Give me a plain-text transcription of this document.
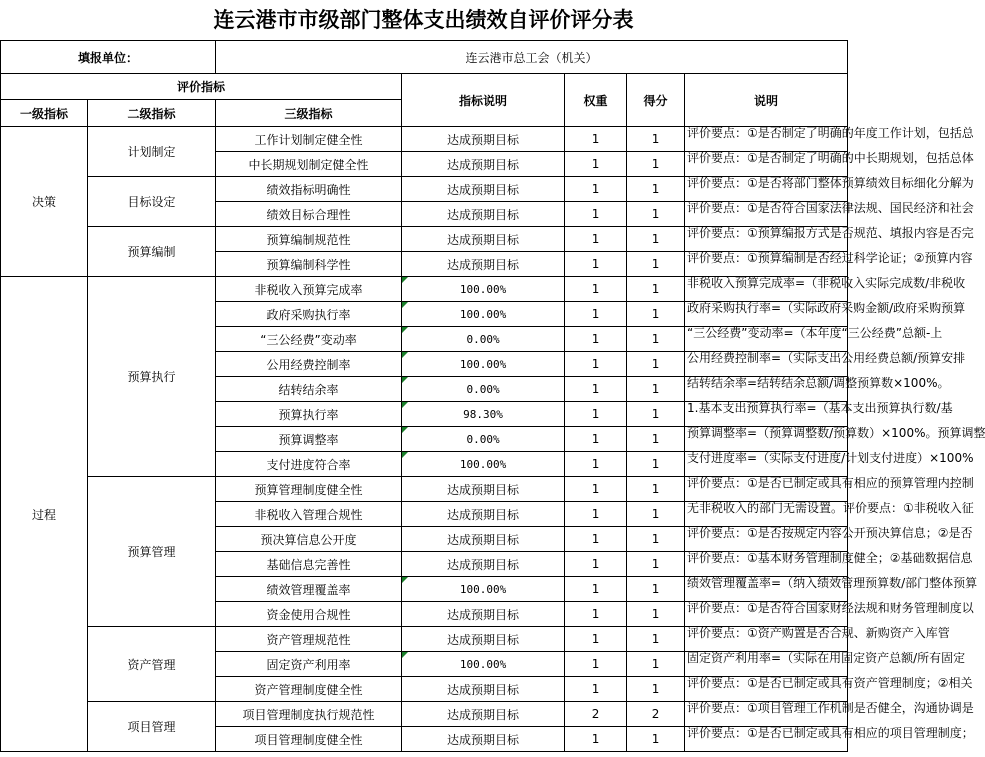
连云港市市级部门整体支出绩效自评价评分表
填报单位：		连云港市总工会（机关）				
评价指标			指标说明	权重	得分	说明
一级指标	二级指标	三级指标				
决策	计划制定	工作计划制定健全性	达成预期目标	1	1	评价要点：①是否制定了明确的年度工作计划，包括总

		中长期规划制定健全性	达成预期目标	1	1	评价要点：①是否制定了明确的中长期规划，包括总体

	目标设定	绩效指标明确性	达成预期目标	1	1	评价要点：①是否将部门整体预算绩效目标细化分解为

		绩效目标合理性	达成预期目标	1	1	评价要点：①是否符合国家法律法规、国民经济和社会

	预算编制	预算编制规范性	达成预期目标	1	1	评价要点：①预算编报方式是否规范、填报内容是否完

		预算编制科学性	达成预期目标	1	1	评价要点：①预算编制是否经过科学论证；②预算内容

过程	预算执行	非税收入预算完成率	100.00%	1	1	非税收入预算完成率=（非税收入实际完成数/非税收

		政府采购执行率	100.00%	1	1	政府采购执行率=（实际政府采购金额/政府采购预算

		“三公经费”变动率	0.00%	1	1	“三公经费”变动率=（本年度“三公经费”总额-上

		公用经费控制率	100.00%	1	1	公用经费控制率=（实际支出公用经费总额/预算安排

		结转结余率	0.00%	1	1	结转结余率=结转结余总额/调整预算数×100%。

		预算执行率	98.30%	1	1	1.基本支出预算执行率=（基本支出预算执行数/基

		预算调整率	0.00%	1	1	预算调整率=（预算调整数/预算数）×100%。预算调整

		支付进度符合率	100.00%	1	1	支付进度率=（实际支付进度/计划支付进度）×100%

	预算管理	预算管理制度健全性	达成预期目标	1	1	评价要点：①是否已制定或具有相应的预算管理内控制

		非税收入管理合规性	达成预期目标	1	1	无非税收入的部门无需设置。评价要点：①非税收入征

		预决算信息公开度	达成预期目标	1	1	评价要点：①是否按规定内容公开预决算信息；②是否

		基础信息完善性	达成预期目标	1	1	评价要点：①基本财务管理制度健全；②基础数据信息

		绩效管理覆盖率	100.00%	1	1	绩效管理覆盖率=（纳入绩效管理预算数/部门整体预算

		资金使用合规性	达成预期目标	1	1	评价要点：①是否符合国家财经法规和财务管理制度以

	资产管理	资产管理规范性	达成预期目标	1	1	评价要点：①资产购置是否合规、新购资产入库管

		固定资产利用率	100.00%	1	1	固定资产利用率=（实际在用固定资产总额/所有固定

		资产管理制度健全性	达成预期目标	1	1	评价要点：①是否已制定或具有资产管理制度；②相关

	项目管理	项目管理制度执行规范性	达成预期目标	2	2	评价要点：①项目管理工作机制是否健全，沟通协调是

		项目管理制度健全性	达成预期目标	1	1	评价要点：①是否已制定或具有相应的项目管理制度；
